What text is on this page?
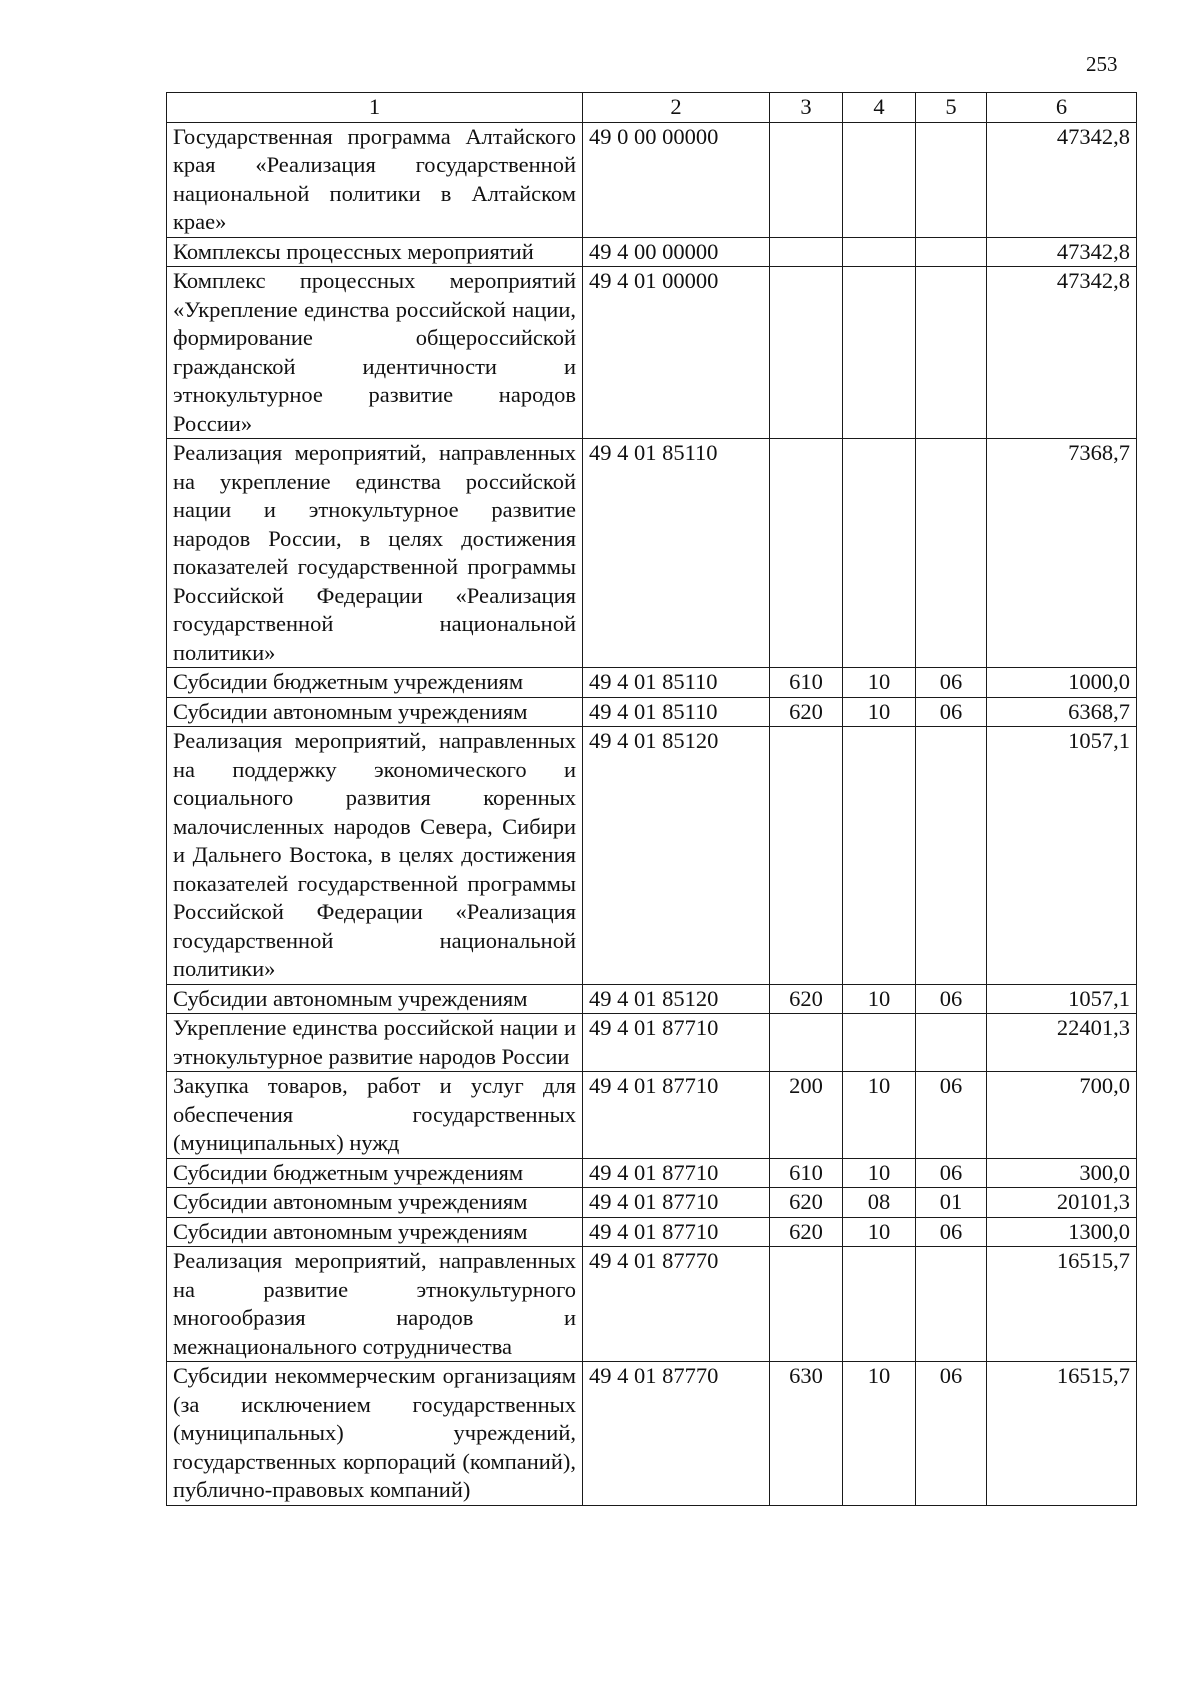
253
1	2	3	4	5	6
Государственная программа Алтайского края «Реализация государственной национальной политики в Алтайском крае»	49 0 00 00000				47342,8
Комплексы процессных мероприятий	49 4 00 00000				47342,8
Комплекс процессных мероприятий «Укрепление единства российской нации, формирование общероссийской гражданской идентичности и этнокультурное развитие народов России»	49 4 01 00000				47342,8
Реализация мероприятий, направленных на укрепление единства российской нации и этнокультурное развитие народов России, в целях достижения показателей государственной программы Российской Федерации «Реализация государственной национальной политики»	49 4 01 85110				7368,7
Субсидии бюджетным учреждениям	49 4 01 85110	610	10	06	1000,0
Субсидии автономным учреждениям	49 4 01 85110	620	10	06	6368,7
Реализация мероприятий, направленных на поддержку экономического и социального развития коренных малочисленных народов Севера, Сибири и Дальнего Востока, в целях достижения показателей государственной программы Российской Федерации «Реализация государственной национальной политики»	49 4 01 85120				1057,1
Субсидии автономным учреждениям	49 4 01 85120	620	10	06	1057,1
Укрепление единства российской нации и этнокультурное развитие народов России	49 4 01 87710				22401,3
Закупка товаров, работ и услуг для обеспечения государственных (муниципальных) нужд	49 4 01 87710	200	10	06	700,0
Субсидии бюджетным учреждениям	49 4 01 87710	610	10	06	300,0
Субсидии автономным учреждениям	49 4 01 87710	620	08	01	20101,3
Субсидии автономным учреждениям	49 4 01 87710	620	10	06	1300,0
Реализация мероприятий, направленных на развитие этнокультурного многообразия народов и межнационального сотрудничества	49 4 01 87770				16515,7
Субсидии некоммерческим организациям (за исключением государственных (муниципальных) учреждений, государственных корпораций (компаний), публично-правовых компаний)	49 4 01 87770	630	10	06	16515,7
